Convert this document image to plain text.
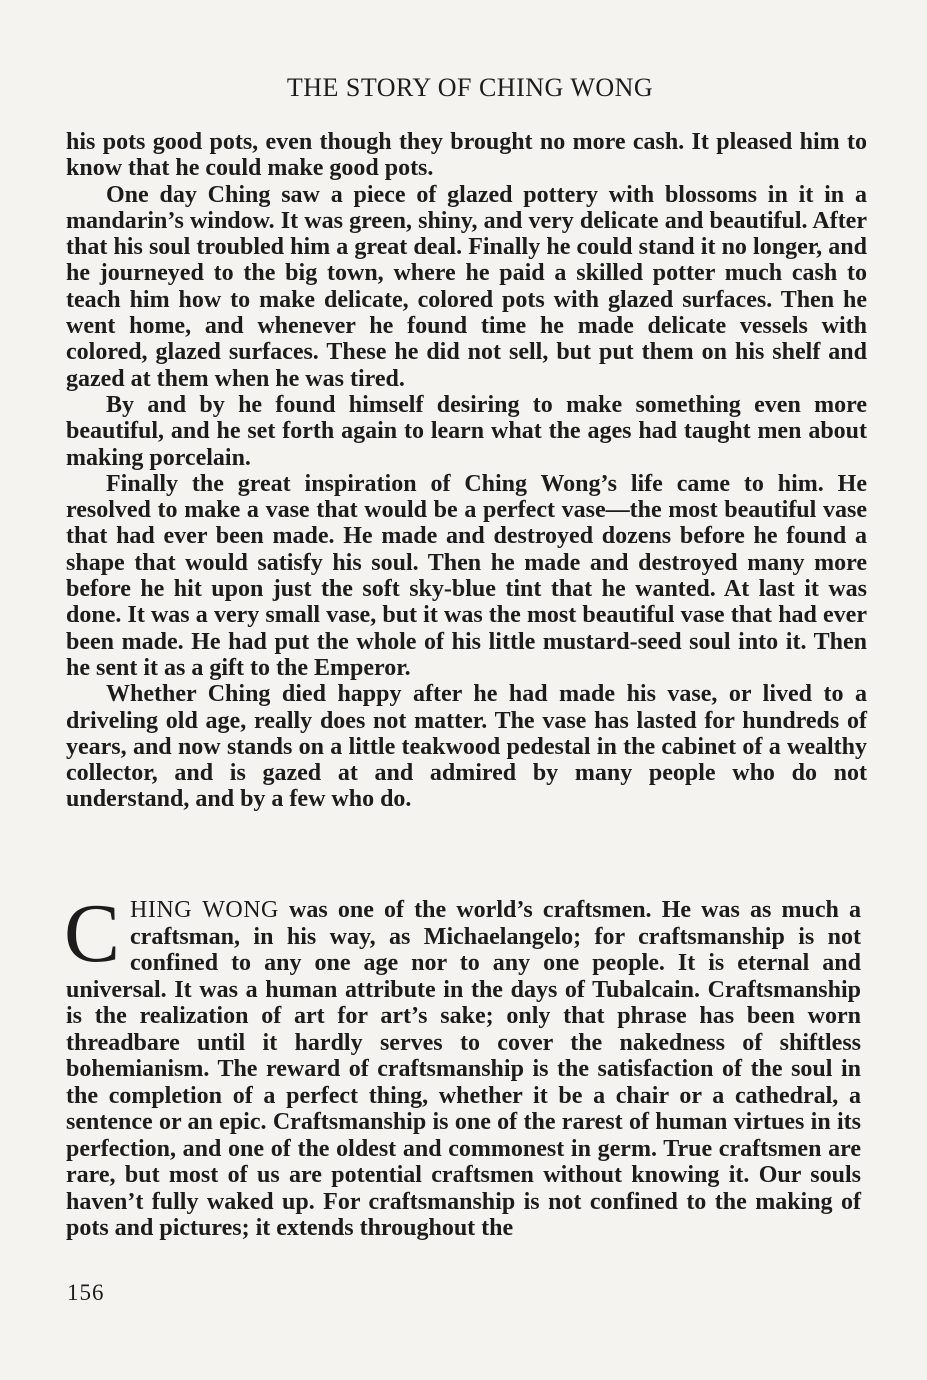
THE STORY OF CHING WONG

his pots good pots, even though they brought no more cash. It pleased him to know that he could make good pots.

One day Ching saw a piece of glazed pottery with blossoms in it in a mandarin’s window. It was green, shiny, and very delicate and beautiful. After that his soul troubled him a great deal. Finally he could stand it no longer, and he journeyed to the big town, where he paid a skilled potter much cash to teach him how to make delicate, colored pots with glazed surfaces. Then he went home, and whenever he found time he made delicate vessels with colored, glazed surfaces. These he did not sell, but put them on his shelf and gazed at them when he was tired.

By and by he found himself desiring to make something even more beautiful, and he set forth again to learn what the ages had taught men about making porcelain.

Finally the great inspiration of Ching Wong’s life came to him. He resolved to make a vase that would be a perfect vase—the most beautiful vase that had ever been made. He made and destroyed dozens before he found a shape that would satisfy his soul. Then he made and destroyed many more before he hit upon just the soft sky-blue tint that he wanted. At last it was done. It was a very small vase, but it was the most beautiful vase that had ever been made. He had put the whole of his little mustard-seed soul into it. Then he sent it as a gift to the Emperor.

Whether Ching died happy after he had made his vase, or lived to a driveling old age, really does not matter. The vase has lasted for hundreds of years, and now stands on a little teakwood pedestal in the cabinet of a wealthy collector, and is gazed at and admired by many people who do not understand, and by a few who do.

C HING WONG was one of the world’s craftsmen. He was as much a craftsman, in his way, as Michaelangelo; for craftsmanship is not confined to any one age nor to any one people. It is eternal and universal. It was a human attribute in the days of Tubalcain. Craftsmanship is the realization of art for art’s sake; only that phrase has been worn threadbare until it hardly serves to cover the nakedness of shiftless bohemianism. The reward of craftsmanship is the satisfaction of the soul in the completion of a perfect thing, whether it be a chair or a cathedral, a sentence or an epic. Craftsmanship is one of the rarest of human virtues in its perfection, and one of the oldest and commonest in germ. True craftsmen are rare, but most of us are potential craftsmen without knowing it. Our souls haven’t fully waked up. For craftsmanship is not confined to the making of pots and pictures; it extends throughout the
156
